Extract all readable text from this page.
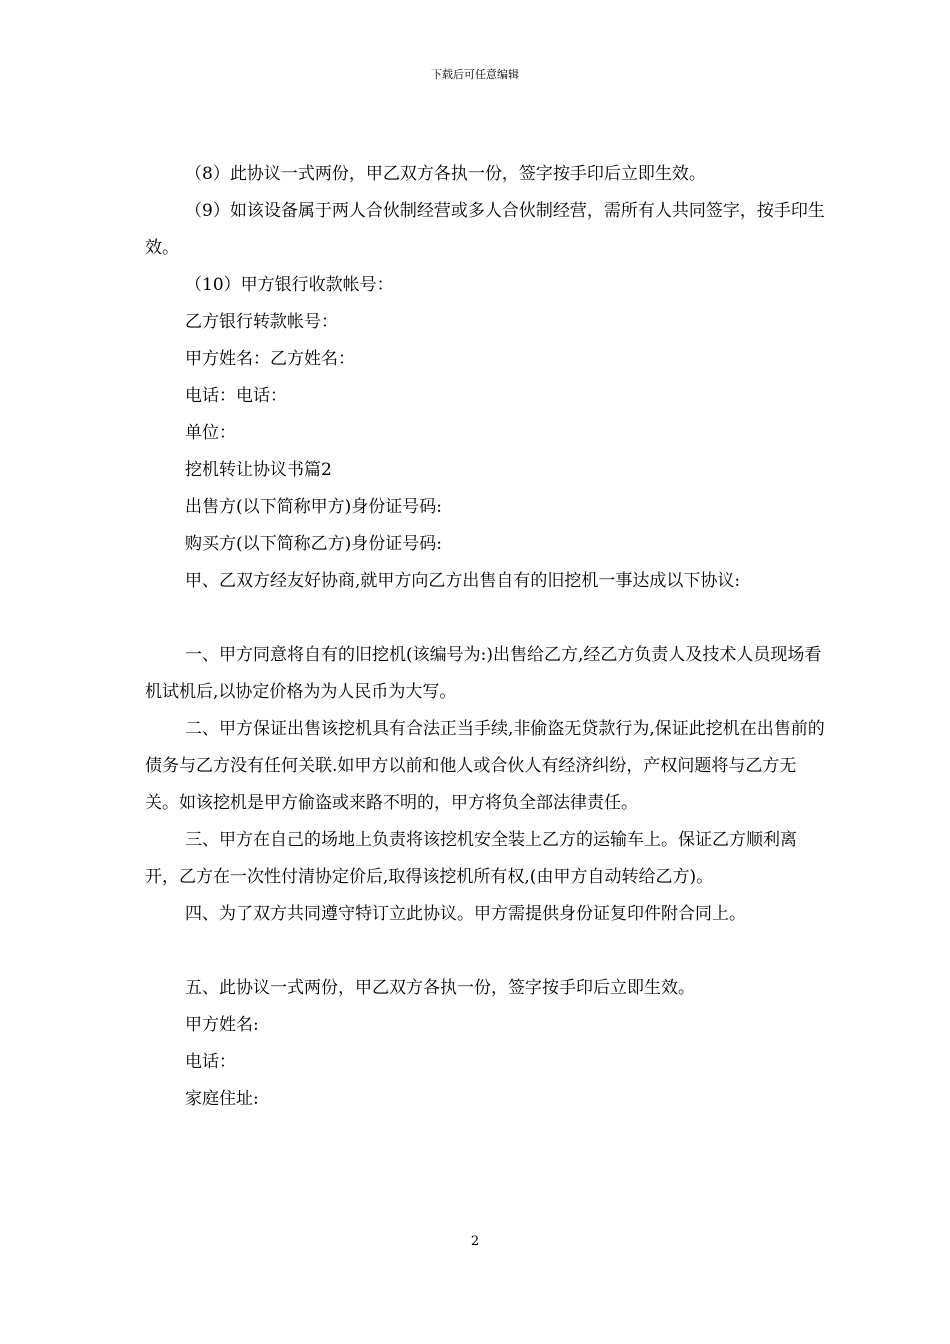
下载后可任意编辑

（8）此协议一式两份，甲乙双方各执一份，签字按手印后立即生效。

（9）如该设备属于两人合伙制经营或多人合伙制经营，需所有人共同签字，按手印生效。

（10）甲方银行收款帐号：

乙方银行转款帐号：

甲方姓名：乙方姓名：

电话：电话：

单位：

挖机转让协议书篇2

出售方(以下简称甲方)身份证号码:

购买方(以下简称乙方)身份证号码:

甲、乙双方经友好协商,就甲方向乙方出售自有的旧挖机一事达成以下协议:

一、甲方同意将自有的旧挖机(该编号为:)出售给乙方,经乙方负责人及技术人员现场看机试机后,以协定价格为为人民币为大写。

二、甲方保证出售该挖机具有合法正当手续,非偷盗无贷款行为,保证此挖机在出售前的债务与乙方没有任何关联.如甲方以前和他人或合伙人有经济纠纷，产权问题将与乙方无关。如该挖机是甲方偷盗或来路不明的，甲方将负全部法律责任。

三、甲方在自己的场地上负责将该挖机安全装上乙方的运输车上。保证乙方顺利离开，乙方在一次性付清协定价后,取得该挖机所有权,(由甲方自动转给乙方)。

四、为了双方共同遵守特订立此协议。甲方需提供身份证复印件附合同上。

五、此协议一式两份，甲乙双方各执一份，签字按手印后立即生效。

甲方姓名:

电话：

家庭住址:

2
